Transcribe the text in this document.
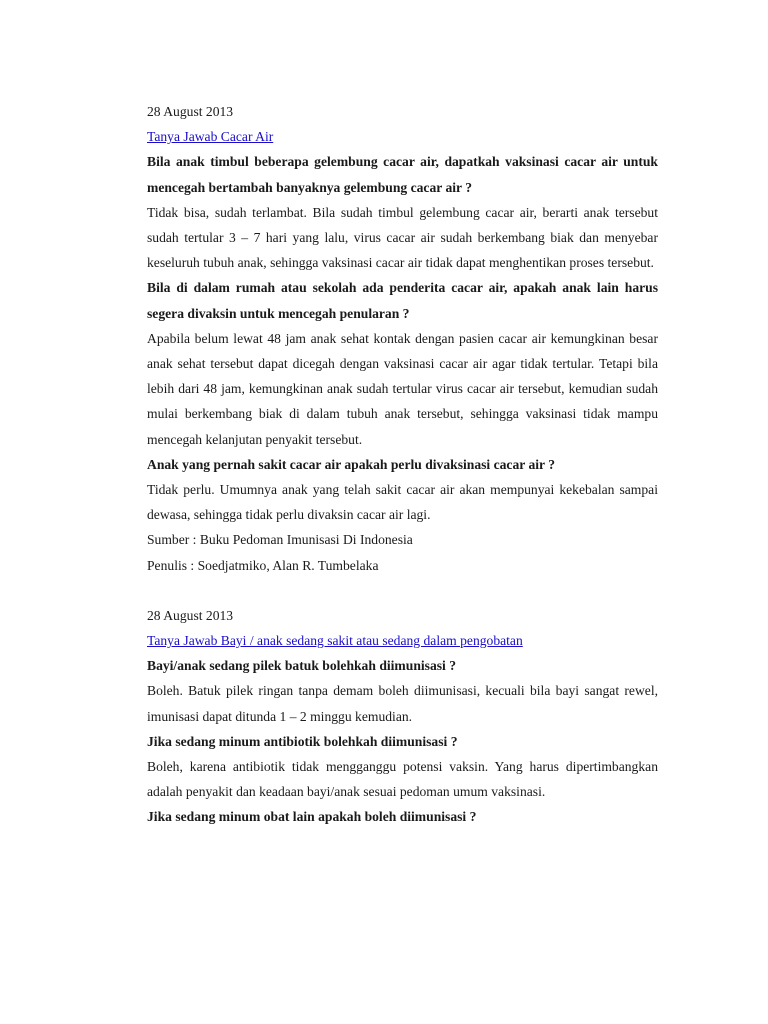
28 August 2013

Tanya Jawab Cacar Air

Bila anak timbul beberapa gelembung cacar air, dapatkah vaksinasi cacar air untuk mencegah bertambah banyaknya gelembung cacar air ?

Tidak bisa, sudah terlambat. Bila sudah timbul gelembung cacar air, berarti anak tersebut sudah tertular 3 – 7 hari yang lalu, virus cacar air sudah berkembang biak dan menyebar keseluruh tubuh anak, sehingga vaksinasi cacar air tidak dapat menghentikan proses tersebut.

Bila di dalam rumah atau sekolah ada penderita cacar air, apakah anak lain harus segera divaksin untuk mencegah penularan ?

Apabila belum lewat 48 jam anak sehat kontak dengan pasien cacar air kemungkinan besar anak sehat tersebut dapat dicegah dengan vaksinasi cacar air agar tidak tertular. Tetapi bila lebih dari 48 jam, kemungkinan anak sudah tertular virus cacar air tersebut, kemudian sudah mulai berkembang biak di dalam tubuh anak tersebut, sehingga vaksinasi tidak mampu mencegah kelanjutan penyakit tersebut.

Anak yang pernah sakit cacar air apakah perlu divaksinasi cacar air ?

Tidak perlu. Umumnya anak yang telah sakit cacar air akan mempunyai kekebalan sampai dewasa, sehingga tidak perlu divaksin cacar air lagi.

Sumber : Buku Pedoman Imunisasi Di Indonesia

Penulis : Soedjatmiko, Alan R. Tumbelaka

28 August 2013

Tanya Jawab Bayi / anak sedang sakit atau sedang dalam pengobatan

Bayi/anak sedang pilek batuk bolehkah diimunisasi ?

Boleh. Batuk pilek ringan tanpa demam boleh diimunisasi, kecuali bila bayi sangat rewel, imunisasi dapat ditunda 1 – 2 minggu kemudian.

Jika sedang minum antibiotik bolehkah diimunisasi ?

Boleh, karena antibiotik tidak mengganggu potensi vaksin. Yang harus dipertimbangkan adalah penyakit dan keadaan bayi/anak sesuai pedoman umum vaksinasi.

Jika sedang minum obat lain apakah boleh diimunisasi ?
